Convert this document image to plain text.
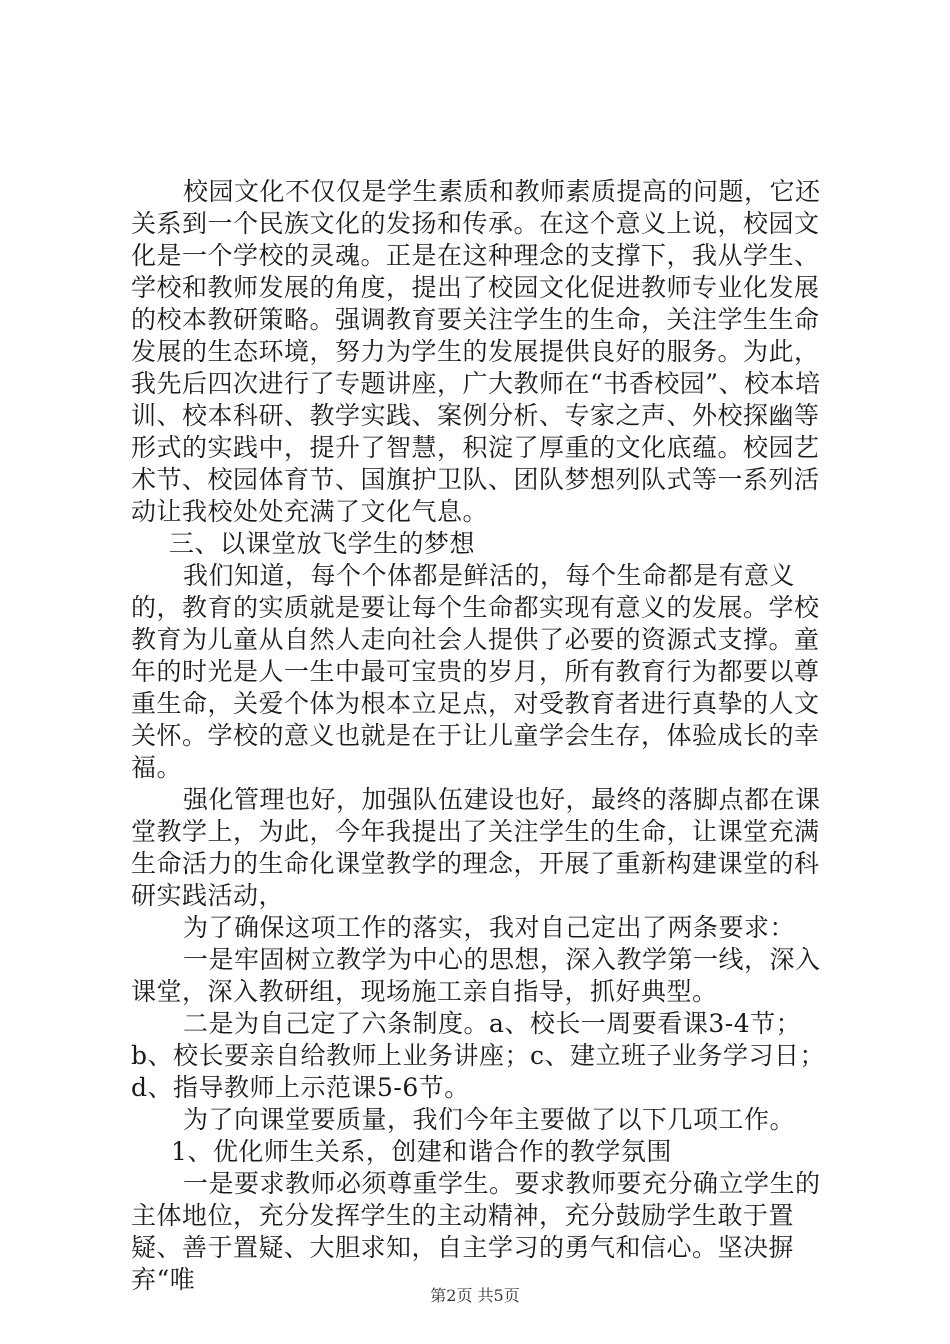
校园文化不仅仅是学生素质和教师素质提高的问题，它还关系到一个民族文化的发扬和传承。在这个意义上说，校园文化是一个学校的灵魂。正是在这种理念的支撑下，我从学生、学校和教师发展的角度，提出了校园文化促进教师专业化发展的校本教研策略。强调教育要关注学生的生命，关注学生生命发展的生态环境，努力为学生的发展提供良好的服务。为此，我先后四次进行了专题讲座，广大教师在“书香校园”、校本培训、校本科研、教学实践、案例分析、专家之声、外校探幽等形式的实践中，提升了智慧，积淀了厚重的文化底蕴。校园艺术节、校园体育节、国旗护卫队、团队梦想列队式等一系列活动让我校处处充满了文化气息。

三、以课堂放飞学生的梦想

我们知道，每个个体都是鲜活的，每个生命都是有意义的，教育的实质就是要让每个生命都实现有意义的发展。学校教育为儿童从自然人走向社会人提供了必要的资源式支撑。童年的时光是人一生中最可宝贵的岁月，所有教育行为都要以尊重生命，关爱个体为根本立足点，对受教育者进行真挚的人文关怀。学校的意义也就是在于让儿童学会生存，体验成长的幸福。

强化管理也好，加强队伍建设也好，最终的落脚点都在课堂教学上，为此，今年我提出了关注学生的生命，让课堂充满生命活力的生命化课堂教学的理念，开展了重新构建课堂的科研实践活动，

为了确保这项工作的落实，我对自己定出了两条要求：

一是牢固树立教学为中心的思想，深入教学第一线，深入课堂，深入教研组，现场施工亲自指导，抓好典型。

二是为自己定了六条制度。a、校长一周要看课3-4节；b、校长要亲自给教师上业务讲座；c、建立班子业务学习日；d、指导教师上示范课5-6节。

为了向课堂要质量，我们今年主要做了以下几项工作。

1、优化师生关系，创建和谐合作的教学氛围

一是要求教师必须尊重学生。要求教师要充分确立学生的主体地位，充分发挥学生的主动精神，充分鼓励学生敢于置疑、善于置疑、大胆求知，自主学习的勇气和信心。坚决摒弃“唯

第2页 共5页
